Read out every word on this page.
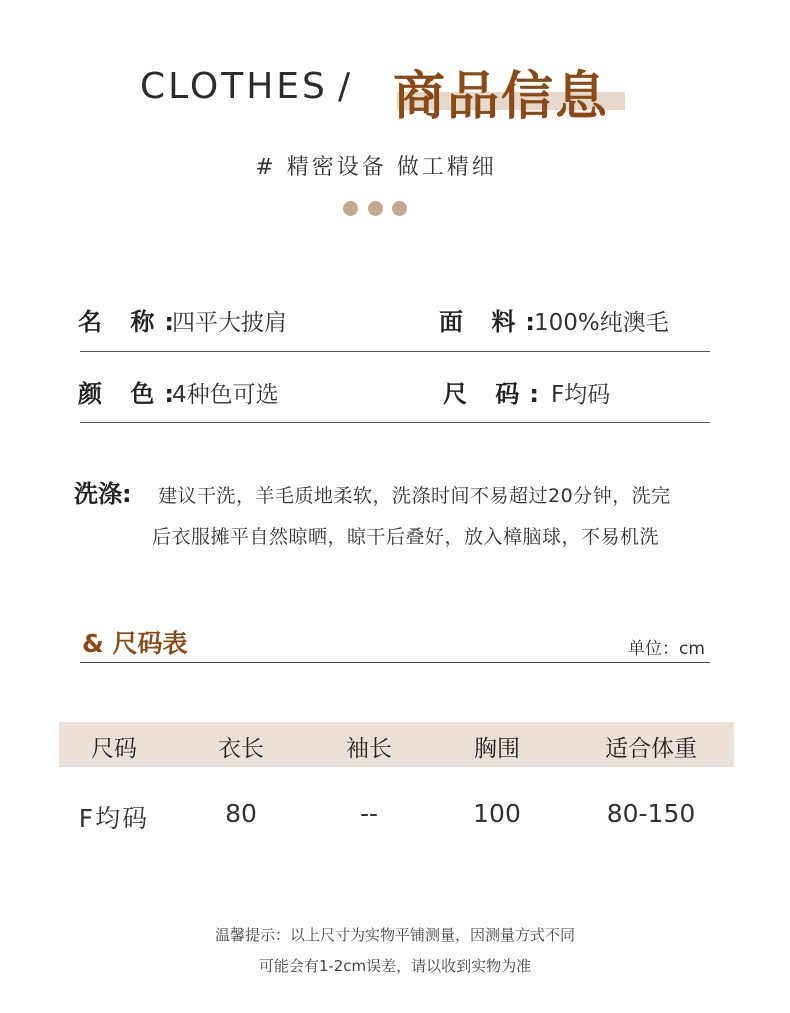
CLOTHES / 商品信息
# 精密设备 做工精细
名 称:
四平大披肩	面 料:
100%纯澳毛
颜 色:
4种色可选	尺 码: F均码
洗涤: 建议干洗，羊毛质地柔软，洗涤时间不易超过20分钟，洗完
后衣服摊平自然晾晒，晾干后叠好，放入樟脑球，不易机洗
& 尺码表	单位：cm
尺码	衣长	袖长	胸围	适合体重
F均码	80	--	100	80-150
温馨提示：以上尺寸为实物平铺测量，因测量方式不同
可能会有1-2cm误差，请以收到实物为准
